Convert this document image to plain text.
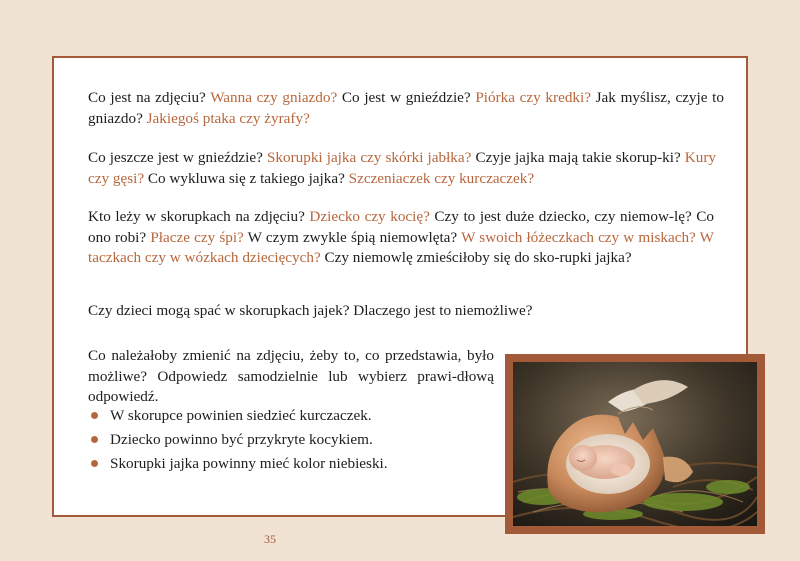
Co jest na zdjęciu? Wanna czy gniazdo? Co jest w gnieździe? Piórka czy kredki? Jak myślisz, czyje to gniazdo? Jakiegoś ptaka czy żyrafy?

Co jeszcze jest w gnieździe? Skorupki jajka czy skórki jabłka? Czyje jajka mają takie skorup - ki? Kury czy gęsi? Co wykluwa się z takiego jajka? Szczeniaczek czy kurczaczek?

Kto leży w skorupkach na zdjęciu? Dziecko czy kocię? Czy to jest duże dziecko, czy niemow - lę? Co ono robi? Płacze czy śpi? W czym zwykle śpią niemowlęta? W swoich łóżeczkach czy w miskach? W taczkach czy w wózkach dziecięcych? Czy niemowlę zmieściłoby się do sko - rupki jajka?

Czy dzieci mogą spać w skorupkach jajek? Dlaczego jest to niemożliwe?

Co należałoby zmienić na zdjęciu, żeby to, co przedstawia, było możliwe? Odpowiedz samodzielnie lub wybierz prawi - dłową odpowiedź.

W skorupce powinien siedzieć kurczaczek.
Dziecko powinno być przykryte kocykiem.
Skorupki jajka powinny mieć kolor niebieski.
35
